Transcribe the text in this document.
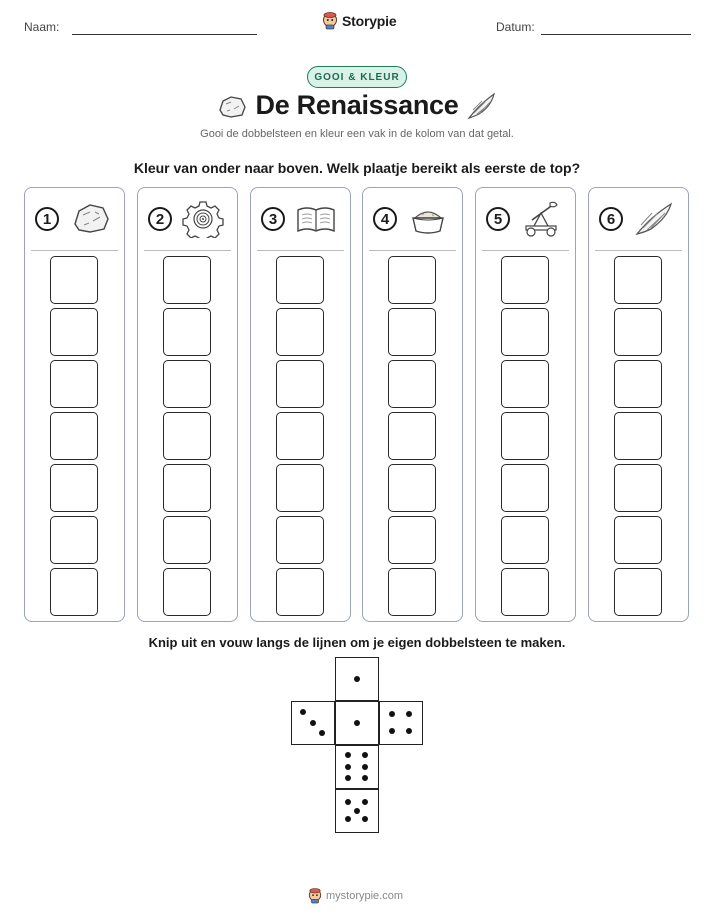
Naam:	Storypie	Datum:
GOOI & KLEUR
De Renaissance
Gooi de dobbelsteen en kleur een vak in de kolom van dat getal.
Kleur van onder naar boven. Welk plaatje bereikt als eerste de top?
1	2	3	4	5	6
Knip uit en vouw langs de lijnen om je eigen dobbelsteen te maken.
mystorypie.com
